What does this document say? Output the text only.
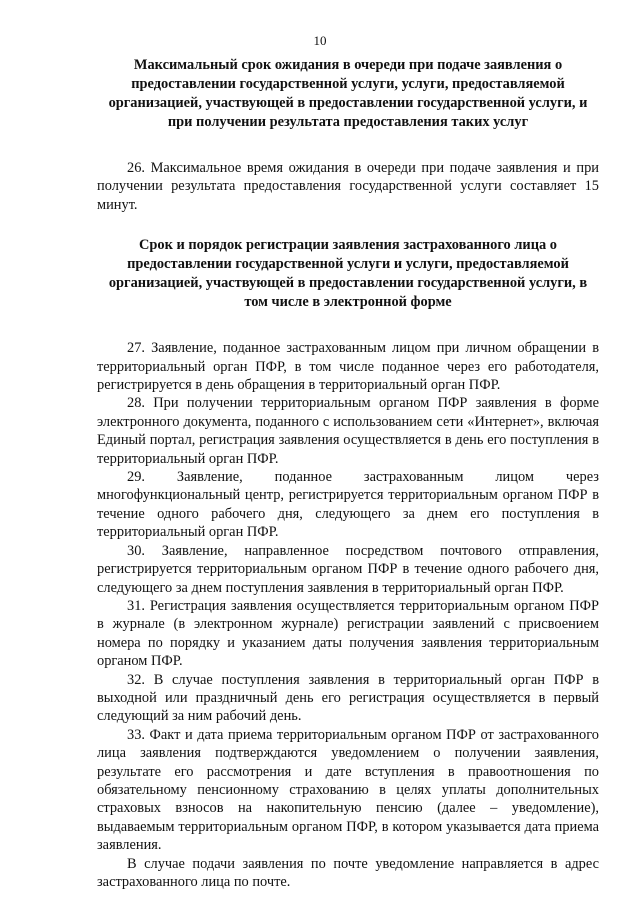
10

Максимальный срок ожидания в очереди при подаче заявления о предоставлении государственной услуги, услуги, предоставляемой организацией, участвующей в предоставлении государственной услуги, и при получении результата предоставления таких услуг

26. Максимальное время ожидания в очереди при подаче заявления и при получении результата предоставления государственной услуги составляет 15 минут.

Срок и порядок регистрации заявления застрахованного лица о предоставлении государственной услуги и услуги, предоставляемой организацией, участвующей в предоставлении государственной услуги, в том числе в электронной форме

27. Заявление, поданное застрахованным лицом при личном обращении в территориальный орган ПФР, в том числе поданное через его работодателя, регистрируется в день обращения в территориальный орган ПФР.

28. При получении территориальным органом ПФР заявления в форме электронного документа, поданного с использованием сети «Интернет», включая Единый портал, регистрация заявления осуществляется в день его поступления в территориальный орган ПФР.

29. Заявление, поданное застрахованным лицом через многофункциональный центр, регистрируется территориальным органом ПФР в течение одного рабочего дня, следующего за днем его поступления в территориальный орган ПФР.

30. Заявление, направленное посредством почтового отправления, регистрируется территориальным органом ПФР в течение одного рабочего дня, следующего за днем поступления заявления в территориальный орган ПФР.

31. Регистрация заявления осуществляется территориальным органом ПФР в журнале (в электронном журнале) регистрации заявлений с присвоением номера по порядку и указанием даты получения заявления территориальным органом ПФР.

32. В случае поступления заявления в территориальный орган ПФР в выходной или праздничный день его регистрация осуществляется в первый следующий за ним рабочий день.

33. Факт и дата приема территориальным органом ПФР от застрахованного лица заявления подтверждаются уведомлением о получении заявления, результате его рассмотрения и дате вступления в правоотношения по обязательному пенсионному страхованию в целях уплаты дополнительных страховых взносов на накопительную пенсию (далее – уведомление), выдаваемым территориальным органом ПФР, в котором указывается дата приема заявления.

В случае подачи заявления по почте уведомление направляется в адрес застрахованного лица по почте.
